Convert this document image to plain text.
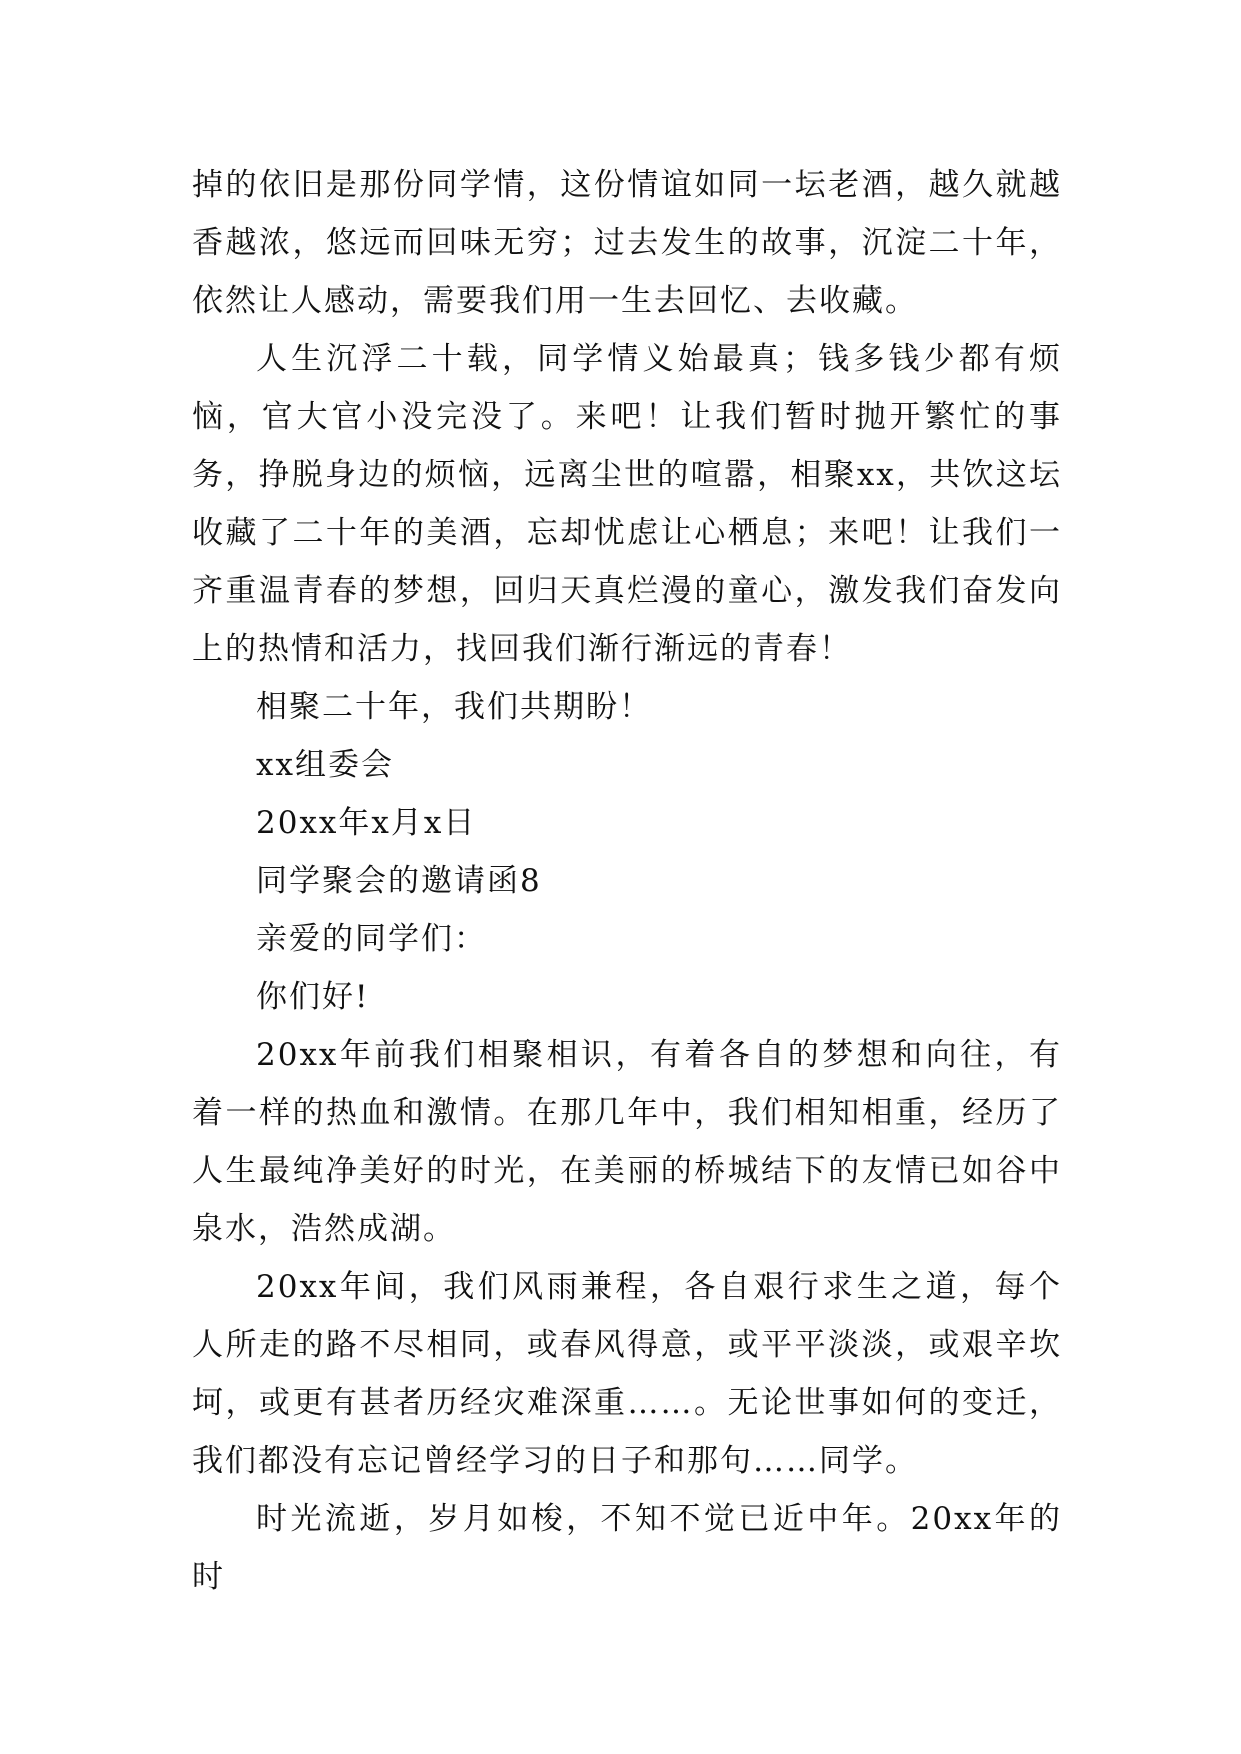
掉的依旧是那份同学情，这份情谊如同一坛老酒，越久就越香越浓，悠远而回味无穷；过去发生的故事，沉淀二十年，依然让人感动，需要我们用一生去回忆、去收藏。

人生沉浮二十载，同学情义始最真；钱多钱少都有烦恼，官大官小没完没了。来吧！让我们暂时抛开繁忙的事务，挣脱身边的烦恼，远离尘世的喧嚣，相聚xx，共饮这坛收藏了二十年的美酒，忘却忧虑让心栖息；来吧！让我们一齐重温青春的梦想，回归天真烂漫的童心，激发我们奋发向上的热情和活力，找回我们渐行渐远的青春！

相聚二十年，我们共期盼！

xx组委会

20xx年x月x日

同学聚会的邀请函8

亲爱的同学们：

你们好!

20xx年前我们相聚相识，有着各自的梦想和向往，有着一样的热血和激情。在那几年中，我们相知相重，经历了人生最纯净美好的时光，在美丽的桥城结下的友情已如谷中泉水，浩然成湖。

20xx年间，我们风雨兼程，各自艰行求生之道，每个人所走的路不尽相同，或春风得意，或平平淡淡，或艰辛坎坷，或更有甚者历经灾难深重……。无论世事如何的变迁，我们都没有忘记曾经学习的日子和那句……同学。

时光流逝，岁月如梭，不知不觉已近中年。20xx年的时
